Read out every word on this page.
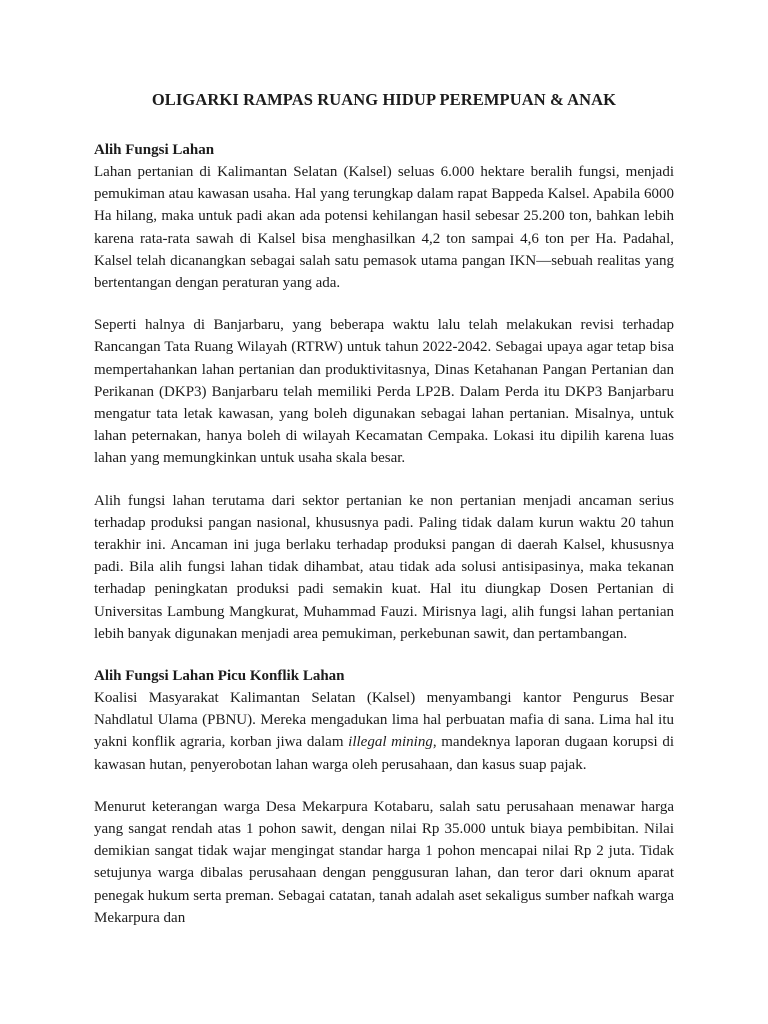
OLIGARKI RAMPAS RUANG HIDUP PEREMPUAN & ANAK

Alih Fungsi Lahan

Lahan pertanian di Kalimantan Selatan (Kalsel) seluas 6.000 hektare beralih fungsi, menjadi pemukiman atau kawasan usaha. Hal yang terungkap dalam rapat Bappeda Kalsel. Apabila 6000 Ha hilang, maka untuk padi akan ada potensi kehilangan hasil sebesar 25.200 ton, bahkan lebih karena rata-rata sawah di Kalsel bisa menghasilkan 4,2 ton sampai 4,6 ton per Ha. Padahal, Kalsel telah dicanangkan sebagai salah satu pemasok utama pangan IKN—sebuah realitas yang bertentangan dengan peraturan yang ada.

Seperti halnya di Banjarbaru, yang beberapa waktu lalu telah melakukan revisi terhadap Rancangan Tata Ruang Wilayah (RTRW) untuk tahun 2022-2042. Sebagai upaya agar tetap bisa mempertahankan lahan pertanian dan produktivitasnya, Dinas Ketahanan Pangan Pertanian dan Perikanan (DKP3) Banjarbaru telah memiliki Perda LP2B. Dalam Perda itu DKP3 Banjarbaru mengatur tata letak kawasan, yang boleh digunakan sebagai lahan pertanian. Misalnya, untuk lahan peternakan, hanya boleh di wilayah Kecamatan Cempaka. Lokasi itu dipilih karena luas lahan yang memungkinkan untuk usaha skala besar.

Alih fungsi lahan terutama dari sektor pertanian ke non pertanian menjadi ancaman serius terhadap produksi pangan nasional, khususnya padi. Paling tidak dalam kurun waktu 20 tahun terakhir ini. Ancaman ini juga berlaku terhadap produksi pangan di daerah Kalsel, khususnya padi. Bila alih fungsi lahan tidak dihambat, atau tidak ada solusi antisipasinya, maka tekanan terhadap peningkatan produksi padi semakin kuat. Hal itu diungkap Dosen Pertanian di Universitas Lambung Mangkurat, Muhammad Fauzi. Mirisnya lagi, alih fungsi lahan pertanian lebih banyak digunakan menjadi area pemukiman, perkebunan sawit, dan pertambangan.

Alih Fungsi Lahan Picu Konflik Lahan

Koalisi Masyarakat Kalimantan Selatan (Kalsel) menyambangi kantor Pengurus Besar Nahdlatul Ulama (PBNU). Mereka mengadukan lima hal perbuatan mafia di sana. Lima hal itu yakni konflik agraria, korban jiwa dalam illegal mining, mandeknya laporan dugaan korupsi di kawasan hutan, penyerobotan lahan warga oleh perusahaan, dan kasus suap pajak.

Menurut keterangan warga Desa Mekarpura Kotabaru, salah satu perusahaan menawar harga yang sangat rendah atas 1 pohon sawit, dengan nilai Rp 35.000 untuk biaya pembibitan. Nilai demikian sangat tidak wajar mengingat standar harga 1 pohon mencapai nilai Rp 2 juta. Tidak setujunya warga dibalas perusahaan dengan penggusuran lahan, dan teror dari oknum aparat penegak hukum serta preman. Sebagai catatan, tanah adalah aset sekaligus sumber nafkah warga Mekarpura dan
